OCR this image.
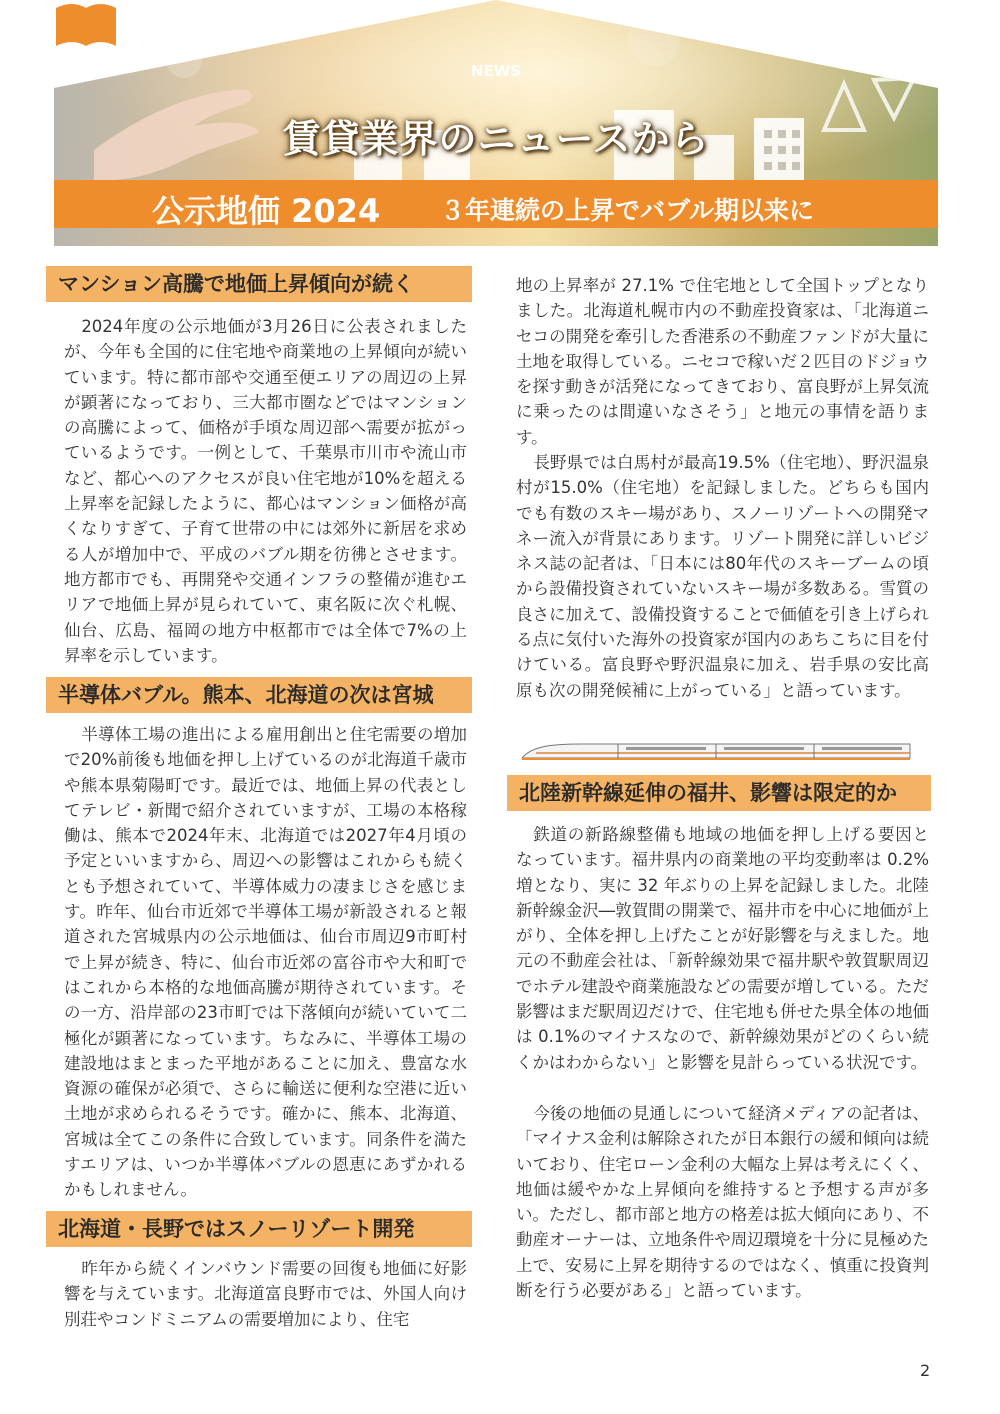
NEWS
賃貸業界のニュースから
公示地価 2024 ３年連続の上昇でバブル期以来に
マンション高騰で地価上昇傾向が続く

2024年度の公示地価が3月26日に公表されましたが、今年も全国的に住宅地や商業地の上昇傾向が続いています。特に都市部や交通至便エリアの周辺の上昇が顕著になっており、三大都市圏などではマンションの高騰によって、価格が手頃な周辺部へ需要が拡がっているようです。一例として、千葉県市川市や流山市など、都心へのアクセスが良い住宅地が10%を超える上昇率を記録したように、都心はマンション価格が高くなりすぎて、子育て世帯の中には郊外に新居を求める人が増加中で、平成のバブル期を彷彿とさせます。地方都市でも、再開発や交通インフラの整備が進むエリアで地価上昇が見られていて、東名阪に次ぐ札幌、仙台、広島、福岡の地方中枢都市では全体で7%の上昇率を示しています。

半導体バブル。熊本、北海道の次は宮城

半導体工場の進出による雇用創出と住宅需要の増加で20%前後も地価を押し上げているのが北海道千歳市や熊本県菊陽町です。最近では、地価上昇の代表としてテレビ・新聞で紹介されていますが、工場の本格稼働は、熊本で2024年末、北海道では2027年4月頃の予定といいますから、周辺への影響はこれからも続くとも予想されていて、半導体威力の凄まじさを感じます。昨年、仙台市近郊で半導体工場が新設されると報道された宮城県内の公示地価は、仙台市周辺9市町村で上昇が続き、特に、仙台市近郊の富谷市や大和町ではこれから本格的な地価高騰が期待されています。その一方、沿岸部の23市町では下落傾向が続いていて二極化が顕著になっています。ちなみに、半導体工場の建設地はまとまった平地があることに加え、豊富な水資源の確保が必須で、さらに輸送に便利な空港に近い土地が求められるそうです。確かに、熊本、北海道、宮城は全てこの条件に合致しています。同条件を満たすエリアは、いつか半導体バブルの恩恵にあずかれるかもしれません。

北海道・長野ではスノーリゾート開発

昨年から続くインバウンド需要の回復も地価に好影響を与えています。北海道富良野市では、外国人向け別荘やコンドミニアムの需要増加により、住宅

地の上昇率が 27.1% で住宅地として全国トップとなりました。北海道札幌市内の不動産投資家は、「北海道ニセコの開発を牽引した香港系の不動産ファンドが大量に土地を取得している。ニセコで稼いだ２匹目のドジョウを探す動きが活発になってきており、富良野が上昇気流に乗ったのは間違いなさそう」と地元の事情を語ります。

長野県では白馬村が最高19.5%（住宅地）、野沢温泉村が15.0%（住宅地）を記録しました。どちらも国内でも有数のスキー場があり、スノーリゾートへの開発マネー流入が背景にあります。リゾート開発に詳しいビジネス誌の記者は、「日本には80年代のスキーブームの頃から設備投資されていないスキー場が多数ある。雪質の良さに加えて、設備投資することで価値を引き上げられる点に気付いた海外の投資家が国内のあちこちに目を付けている。富良野や野沢温泉に加え、岩手県の安比高原も次の開発候補に上がっている」と語っています。

北陸新幹線延伸の福井、影響は限定的か

鉄道の新路線整備も地域の地価を押し上げる要因となっています。福井県内の商業地の平均変動率は 0.2% 増となり、実に 32 年ぶりの上昇を記録しました。北陸新幹線金沢―敦賀間の開業で、福井市を中心に地価が上がり、全体を押し上げたことが好影響を与えました。地元の不動産会社は、「新幹線効果で福井駅や敦賀駅周辺でホテル建設や商業施設などの需要が増している。ただ影響はまだ駅周辺だけで、住宅地も併せた県全体の地価は 0.1%のマイナスなので、新幹線効果がどのくらい続くかはわからない」と影響を見計らっている状況です。

今後の地価の見通しについて経済メディアの記者は、「マイナス金利は解除されたが日本銀行の緩和傾向は続いており、住宅ローン金利の大幅な上昇は考えにくく、地価は緩やかな上昇傾向を維持すると予想する声が多い。ただし、都市部と地方の格差は拡大傾向にあり、不動産オーナーは、立地条件や周辺環境を十分に見極めた上で、安易に上昇を期待するのではなく、慎重に投資判断を行う必要がある」と語っています。

2
